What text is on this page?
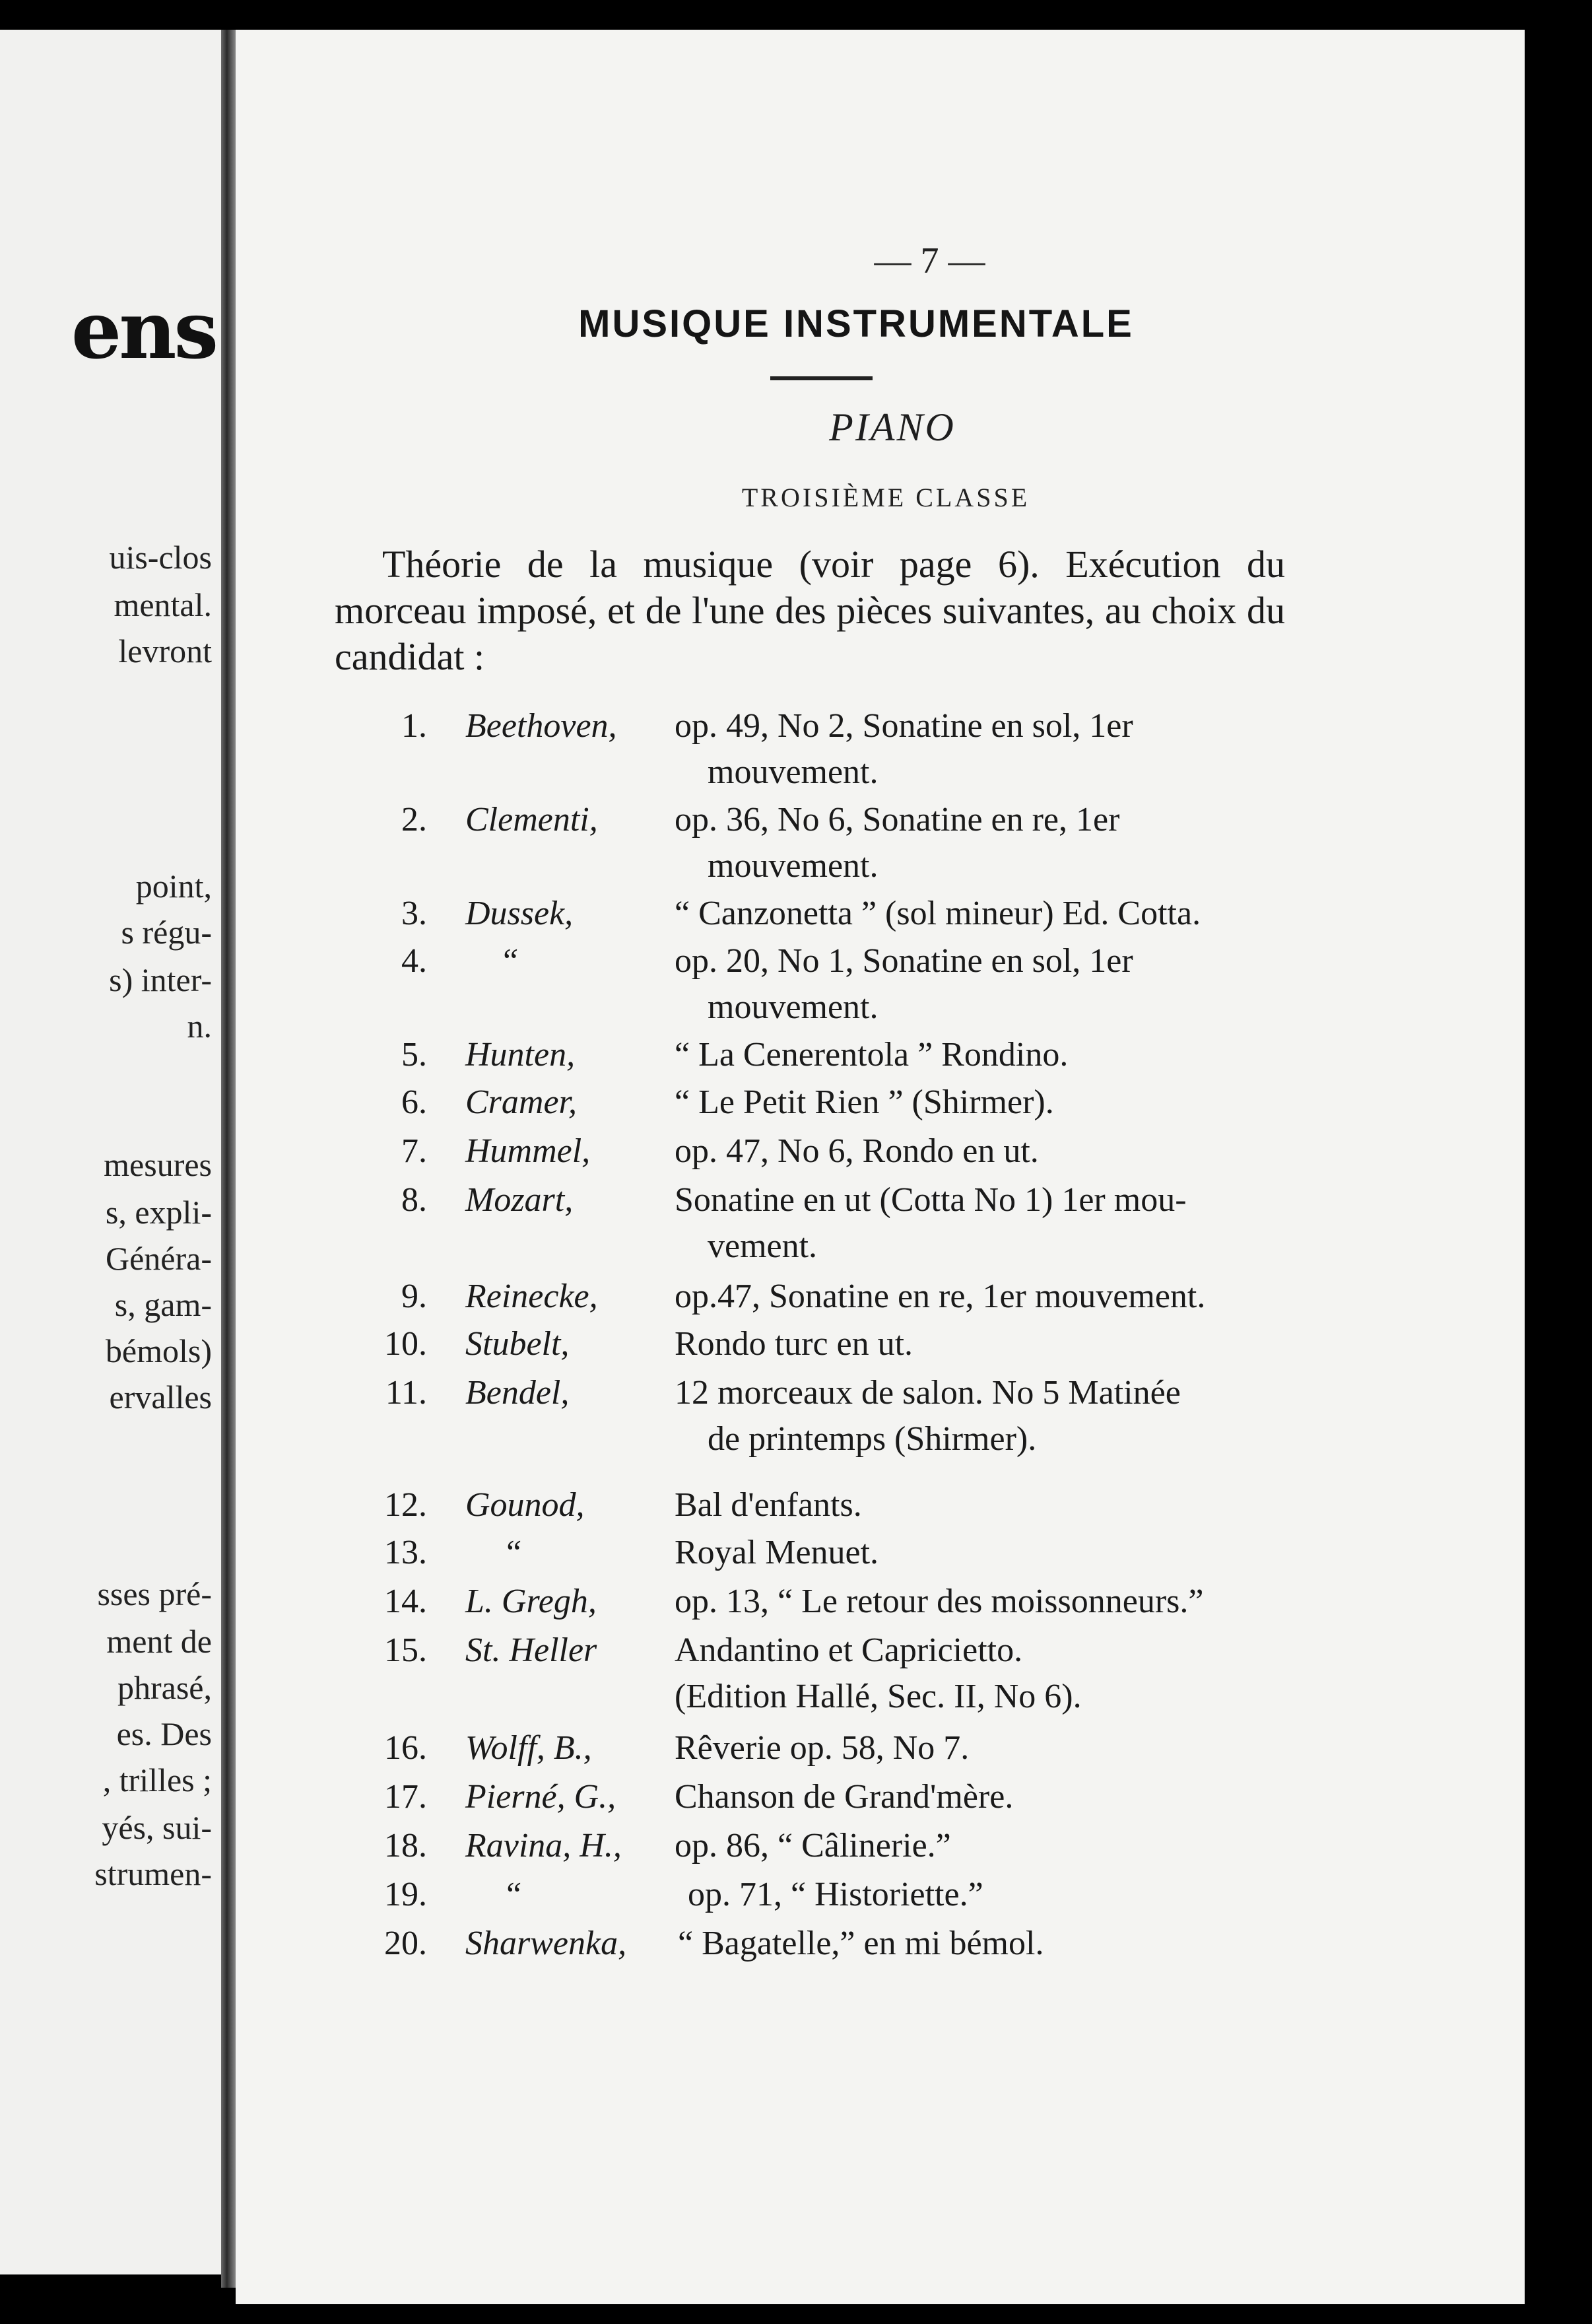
ens
uis-clos
mental.
levront
point,
s régu-
s) inter-
n.
mesures
s, expli-
Généra-
s, gam-
bémols)
ervalles
sses pré-
ment de
phrasé,
es. Des
, trilles ;
yés, sui-
strumen-
— 7 —
MUSIQUE INSTRUMENTALE
PIANO
TROISIÈME CLASSE
Théorie de la musique (voir page 6). Exécution du morceau imposé, et de l'une des pièces suivantes, au choix du candidat :
1. Beethoven, op. 49, No 2, Sonatine en sol, 1er
mouvement.
2. Clementi, op. 36, No 6, Sonatine en re, 1er
mouvement.
3. Dussek,	“ Canzonetta ” (sol mineur) Ed. Cotta.
4. “	op. 20, No 1, Sonatine en sol, 1er
mouvement.
5. Hunten,	“ La Cenerentola ” Rondino.
6. Cramer,	“ Le Petit Rien ” (Shirmer).
7. Hummel, op. 47, No 6, Rondo en ut.
8. Mozart,	Sonatine en ut (Cotta No 1) 1er mou-
vement.
9. Reinecke, op.47, Sonatine en re, 1er mouvement.
10. Stubelt,	Rondo turc en ut.
11. Bendel,	12 morceaux de salon. No 5 Matinée
de printemps (Shirmer).
12. Gounod,	Bal d'enfants.
13. “	Royal Menuet.
14. L. Gregh, op. 13, “ Le retour des moissonneurs.”
15. St. Heller Andantino et Capricietto.
(Edition Hallé, Sec. II, No 6).
16. Wolff, B., Rêverie op. 58, No 7.
17. Pierné, G., Chanson de Grand'mère.
18. Ravina, H., op. 86, “ Câlinerie.”
19. “	op. 71, “ Historiette.”
20. Sharwenka, “ Bagatelle,” en mi bémol.
